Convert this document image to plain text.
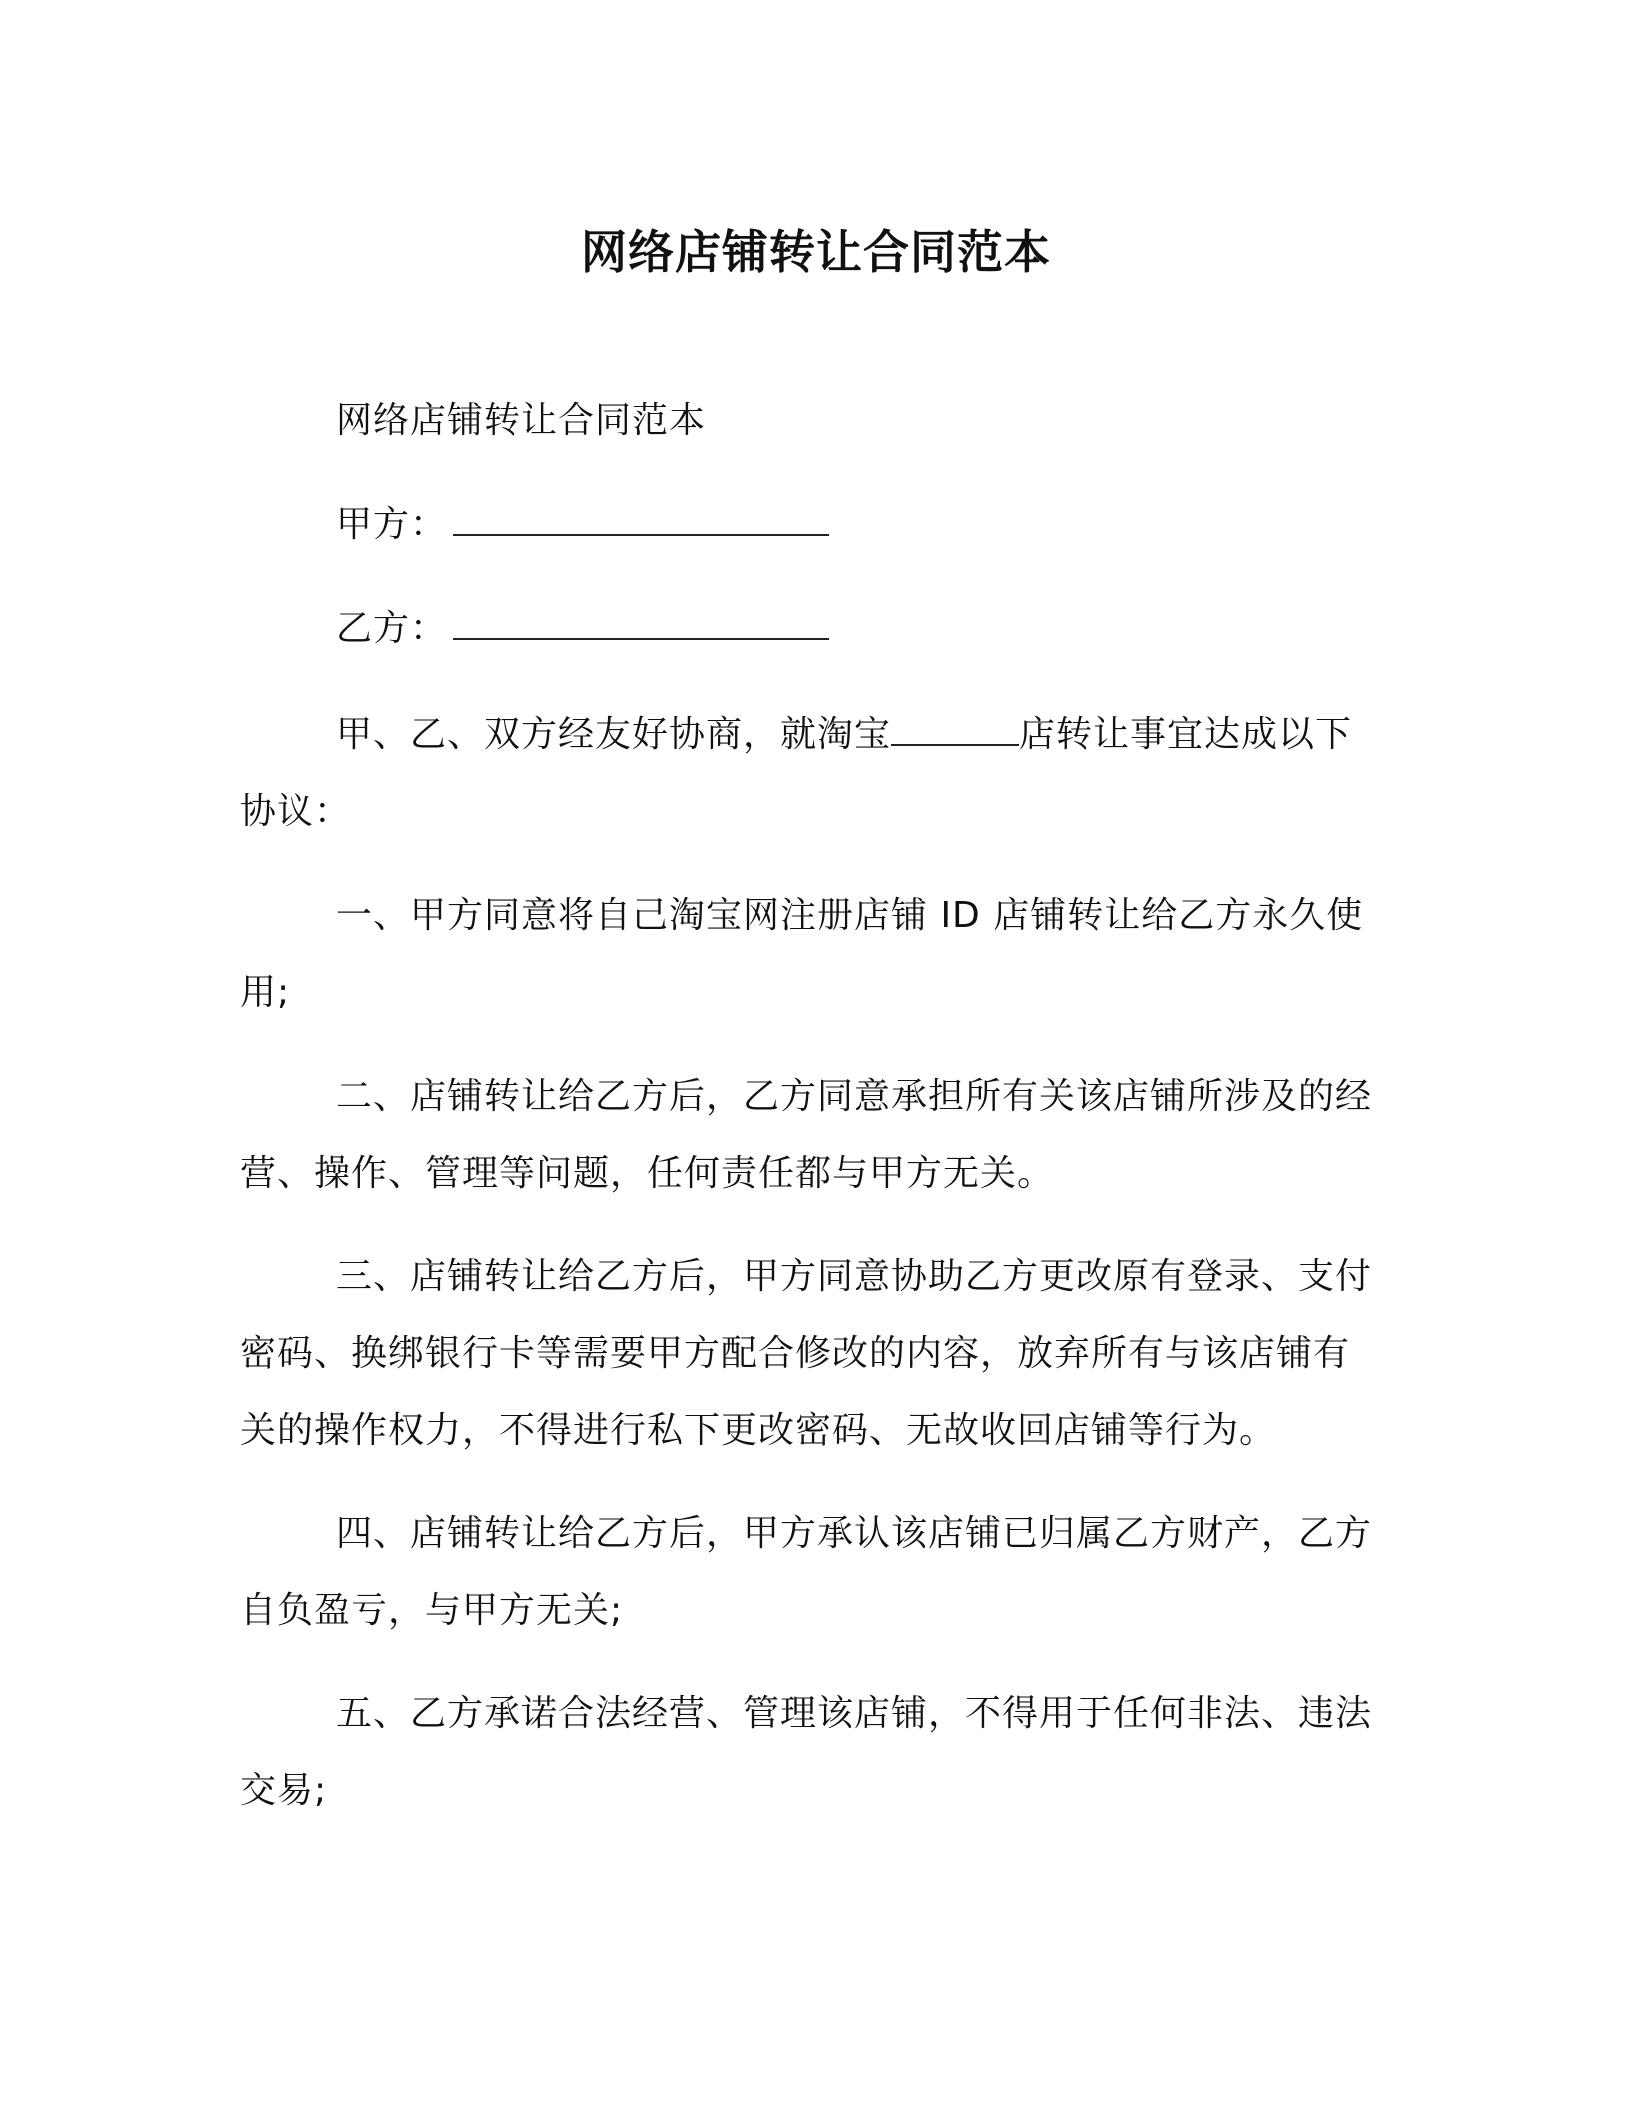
网络店铺转让合同范本
网络店铺转让合同范本
甲方：
乙方：
甲、乙、双方经友好协商，就淘宝	店转让事宜达成以下协议：
一、甲方同意将自己淘宝网注册店铺 ID 店铺转让给乙方永久使用;
二、店铺转让给乙方后，乙方同意承担所有关该店铺所涉及的经营、操作、管理等问题，任何责任都与甲方无关。
三、店铺转让给乙方后，甲方同意协助乙方更改原有登录、支付密码、换绑银行卡等需要甲方配合修改的内容，放弃所有与该店铺有关的操作权力，不得进行私下更改密码、无故收回店铺等行为。
四、店铺转让给乙方后，甲方承认该店铺已归属乙方财产，乙方自负盈亏，与甲方无关;
五、乙方承诺合法经营、管理该店铺，不得用于任何非法、违法交易;
